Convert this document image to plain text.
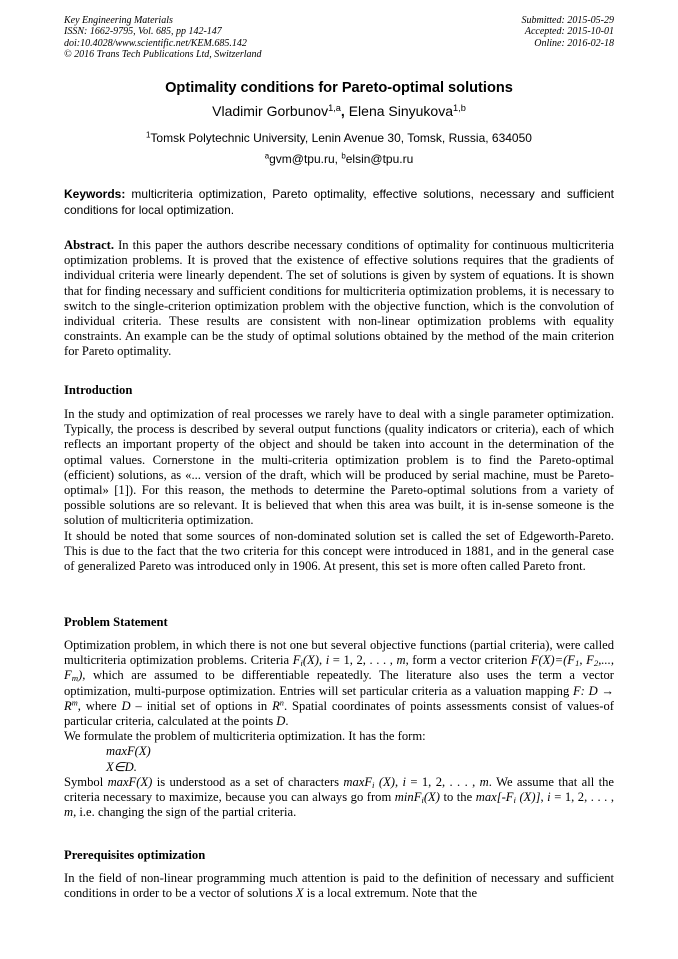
Key Engineering Materials
ISSN: 1662-9795, Vol. 685, pp 142-147
doi:10.4028/www.scientific.net/KEM.685.142
© 2016 Trans Tech Publications Ltd, Switzerland
Submitted: 2015-05-29
Accepted: 2015-10-01
Online: 2016-02-18
Optimality conditions for Pareto-optimal solutions
Vladimir Gorbunov$^{1,a}$, Elena Sinyukova$^{1,b}$
$^1$Tomsk Polytechnic University, Lenin Avenue 30, Tomsk, Russia, 634050
$^a$gvm@tpu.ru, $^b$elsin@tpu.ru
Keywords: multicriteria optimization, Pareto optimality, effective solutions, necessary and sufficient conditions for local optimization.
Abstract. In this paper the authors describe necessary conditions of optimality for continuous multicriteria optimization problems. It is proved that the existence of effective solutions requires that the gradients of individual criteria were linearly dependent. The set of solutions is given by system of equations. It is shown that for finding necessary and sufficient conditions for multicriteria optimization problems, it is necessary to switch to the single-criterion optimization problem with the objective function, which is the convolution of individual criteria. These results are consistent with non-linear optimization problems with equality constraints. An example can be the study of optimal solutions obtained by the method of the main criterion for Pareto optimality.
Introduction
In the study and optimization of real processes we rarely have to deal with a single parameter optimization. Typically, the process is described by several output functions (quality indicators or criteria), each of which reflects an important property of the object and should be taken into account in the determination of the optimal values. Cornerstone in the multi-criteria optimization problem is to find the Pareto-optimal (efficient) solutions, as «... version of the draft, which will be produced by serial machine, must be Pareto-optimal» [1]). For this reason, the methods to determine the Pareto-optimal solutions from a variety of possible solutions are so relevant. It is believed that when this area was built, it is in-sense someone is the solution of multicriteria optimization.
It should be noted that some sources of non-dominated solution set is called the set of Edgeworth-Pareto. This is due to the fact that the two criteria for this concept were introduced in 1881, and in the general case of generalized Pareto was introduced only in 1906. At present, this set is more often called Pareto front.
Problem Statement
Optimization problem, in which there is not one but several objective functions (partial criteria), were called multicriteria optimization problems. Criteria $F_i(X)$, i = 1, 2, . . . , m, form a vector criterion $F(X)=(F_1$, $F_2$,..., $F_m$), which are assumed to be differentiable repeatedly. The literature also uses the term a vector optimization, multi-purpose optimization. Entries will set particular criteria as a valuation mapping F: $D \to R^m$, where D – initial set of options in $R^n$. Spatial coordinates of points assessments consist of values-of particular criteria, calculated at the points D.
We formulate the problem of multicriteria optimization. It has the form:
maxF(X)
X∈D.
Symbol maxF(X) is understood as a set of characters maxF$_i$ (X), i = 1, 2, . . . , m. We assume that all the criteria necessary to maximize, because you can always go from minF$_i$(X) to the $\max[-F_i$ (X)], i = 1, 2, . . . , m, i.e. changing the sign of the partial criteria.
Prerequisites optimization
In the field of non-linear programming much attention is paid to the definition of necessary and sufficient conditions in order to be a vector of solutions X is a local extremum. Note that the
